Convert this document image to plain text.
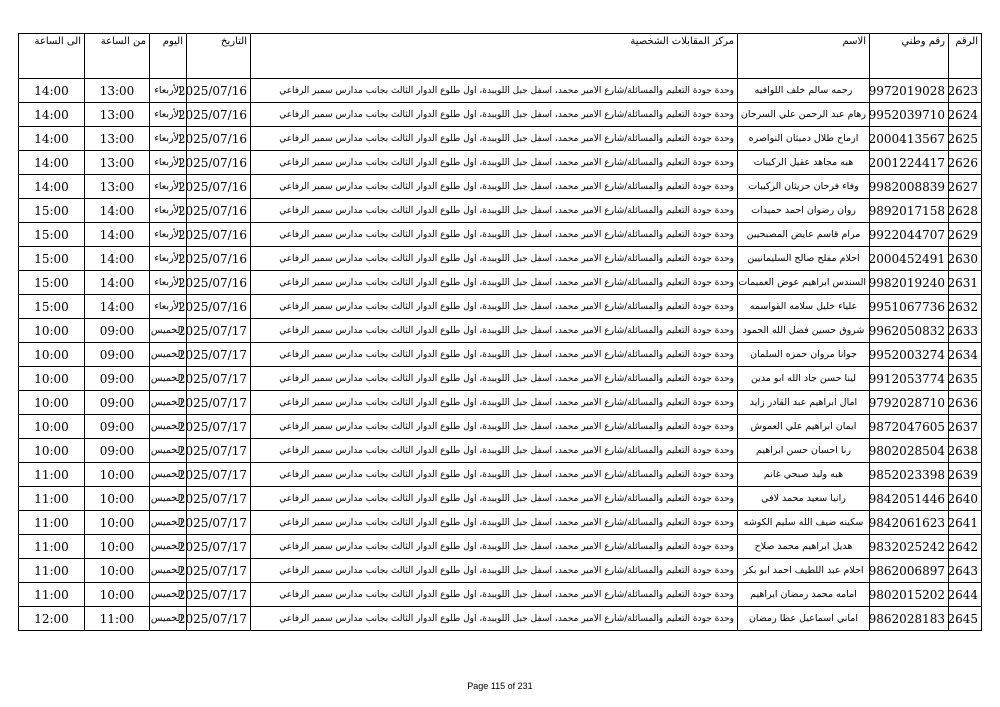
الرقم	رقم وطني	الاسم	مركز المقابلات الشخصية	التاريخ	اليوم	من الساعة	الى الساعة
2623	9972019028	رحمه سالم خلف اللوافيه	وحدة جودة التعليم والمسائلة/شارع الامير محمد، اسفل جبل اللويبدة، اول طلوع الدوار الثالث بجانب مدارس سمير الرفاعي	2025/07/16	الأربعاء	13:00	14:00
2624	9952039710	رهام عبد الرحمن علي السرحان	وحدة جودة التعليم والمسائلة/شارع الامير محمد، اسفل جبل اللويبدة، اول طلوع الدوار الثالث بجانب مدارس سمير الرفاعي	2025/07/16	الأربعاء	13:00	14:00
2625	2000413567	ارماح طلال دميثان النواصره	وحدة جودة التعليم والمسائلة/شارع الامير محمد، اسفل جبل اللويبدة، اول طلوع الدوار الثالث بجانب مدارس سمير الرفاعي	2025/07/16	الأربعاء	13:00	14:00
2626	2001224417	هبه مجاهد عقيل الركيبات	وحدة جودة التعليم والمسائلة/شارع الامير محمد، اسفل جبل اللويبدة، اول طلوع الدوار الثالث بجانب مدارس سمير الرفاعي	2025/07/16	الأربعاء	13:00	14:00
2627	9982008839	وفاء فرحان حريثان الركيبات	وحدة جودة التعليم والمسائلة/شارع الامير محمد، اسفل جبل اللويبدة، اول طلوع الدوار الثالث بجانب مدارس سمير الرفاعي	2025/07/16	الأربعاء	13:00	14:00
2628	9892017158	روان رضوان احمد حميدات	وحدة جودة التعليم والمسائلة/شارع الامير محمد، اسفل جبل اللويبدة، اول طلوع الدوار الثالث بجانب مدارس سمير الرفاعي	2025/07/16	الأربعاء	14:00	15:00
2629	9922044707	مرام قاسم عايض المصبحيين	وحدة جودة التعليم والمسائلة/شارع الامير محمد، اسفل جبل اللويبدة، اول طلوع الدوار الثالث بجانب مدارس سمير الرفاعي	2025/07/16	الأربعاء	14:00	15:00
2630	2000452491	احلام مفلح صالح السليمانيين	وحدة جودة التعليم والمسائلة/شارع الامير محمد، اسفل جبل اللويبدة، اول طلوع الدوار الثالث بجانب مدارس سمير الرفاعي	2025/07/16	الأربعاء	14:00	15:00
2631	9982019240	السندس ابراهيم عوض العميمات	وحدة جودة التعليم والمسائلة/شارع الامير محمد، اسفل جبل اللويبدة، اول طلوع الدوار الثالث بجانب مدارس سمير الرفاعي	2025/07/16	الأربعاء	14:00	15:00
2632	9951067736	علياء خليل سلامه القواسمه	وحدة جودة التعليم والمسائلة/شارع الامير محمد، اسفل جبل اللويبدة، اول طلوع الدوار الثالث بجانب مدارس سمير الرفاعي	2025/07/16	الأربعاء	14:00	15:00
2633	9962050832	شروق حسين فضل الله الحمود	وحدة جودة التعليم والمسائلة/شارع الامير محمد، اسفل جبل اللويبدة، اول طلوع الدوار الثالث بجانب مدارس سمير الرفاعي	2025/07/17	الخميس	09:00	10:00
2634	9952003274	جوانا مروان حمزه السلمان	وحدة جودة التعليم والمسائلة/شارع الامير محمد، اسفل جبل اللويبدة، اول طلوع الدوار الثالث بجانب مدارس سمير الرفاعي	2025/07/17	الخميس	09:00	10:00
2635	9912053774	لينا حسن جاد الله ابو مدين	وحدة جودة التعليم والمسائلة/شارع الامير محمد، اسفل جبل اللويبدة، اول طلوع الدوار الثالث بجانب مدارس سمير الرفاعي	2025/07/17	الخميس	09:00	10:00
2636	9792028710	امال ابراهيم عبد القادر زايد	وحدة جودة التعليم والمسائلة/شارع الامير محمد، اسفل جبل اللويبدة، اول طلوع الدوار الثالث بجانب مدارس سمير الرفاعي	2025/07/17	الخميس	09:00	10:00
2637	9872047605	ايمان ابراهيم علي العموش	وحدة جودة التعليم والمسائلة/شارع الامير محمد، اسفل جبل اللويبدة، اول طلوع الدوار الثالث بجانب مدارس سمير الرفاعي	2025/07/17	الخميس	09:00	10:00
2638	9802028504	رنا احسان حسن ابراهيم	وحدة جودة التعليم والمسائلة/شارع الامير محمد، اسفل جبل اللويبدة، اول طلوع الدوار الثالث بجانب مدارس سمير الرفاعي	2025/07/17	الخميس	09:00	10:00
2639	9852023398	هبه وليد صبحي غانم	وحدة جودة التعليم والمسائلة/شارع الامير محمد، اسفل جبل اللويبدة، اول طلوع الدوار الثالث بجانب مدارس سمير الرفاعي	2025/07/17	الخميس	10:00	11:00
2640	9842051446	رانيا سعيد محمد لافي	وحدة جودة التعليم والمسائلة/شارع الامير محمد، اسفل جبل اللويبدة، اول طلوع الدوار الثالث بجانب مدارس سمير الرفاعي	2025/07/17	الخميس	10:00	11:00
2641	9842061623	سكينه ضيف الله سليم الكوشه	وحدة جودة التعليم والمسائلة/شارع الامير محمد، اسفل جبل اللويبدة، اول طلوع الدوار الثالث بجانب مدارس سمير الرفاعي	2025/07/17	الخميس	10:00	11:00
2642	9832025242	هديل ابراهيم محمد صلاح	وحدة جودة التعليم والمسائلة/شارع الامير محمد، اسفل جبل اللويبدة، اول طلوع الدوار الثالث بجانب مدارس سمير الرفاعي	2025/07/17	الخميس	10:00	11:00
2643	9862006897	احلام عبد اللطيف احمد ابو بكر	وحدة جودة التعليم والمسائلة/شارع الامير محمد، اسفل جبل اللويبدة، اول طلوع الدوار الثالث بجانب مدارس سمير الرفاعي	2025/07/17	الخميس	10:00	11:00
2644	9802015202	امامه محمد رمضان ابراهيم	وحدة جودة التعليم والمسائلة/شارع الامير محمد، اسفل جبل اللويبدة، اول طلوع الدوار الثالث بجانب مدارس سمير الرفاعي	2025/07/17	الخميس	10:00	11:00
2645	9862028183	اماني اسماعيل عطا رمضان	وحدة جودة التعليم والمسائلة/شارع الامير محمد، اسفل جبل اللويبدة، اول طلوع الدوار الثالث بجانب مدارس سمير الرفاعي	2025/07/17	الخميس	11:00	12:00
Page 115 of 231
